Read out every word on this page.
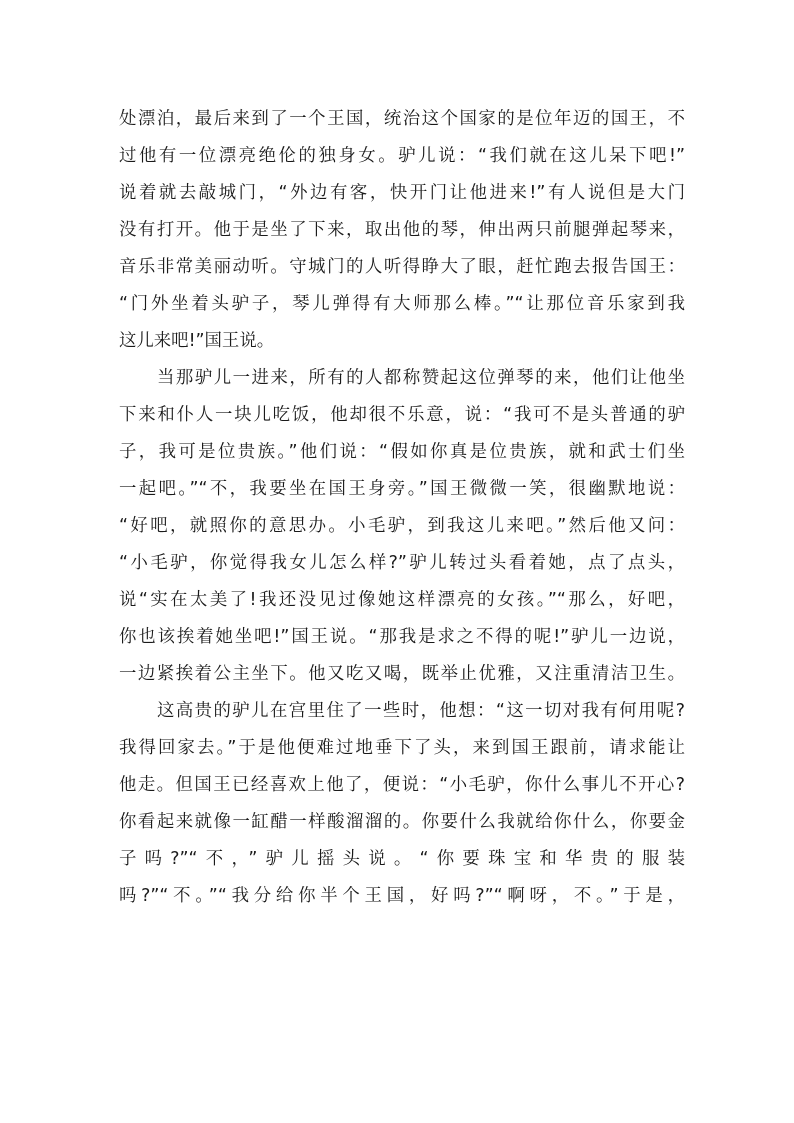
处漂泊，最后来到了一个王国，统治这个国家的是位年迈的国王，不
过他有一位漂亮绝伦的独身女。驴儿说：“我们就在这儿呆下吧!”
说着就去敲城门，“外边有客，快开门让他进来!”有人说但是大门
没有打开。他于是坐了下来，取出他的琴，伸出两只前腿弹起琴来，
音乐非常美丽动听。守城门的人听得睁大了眼，赶忙跑去报告国王：
“门外坐着头驴子，琴儿弹得有大师那么棒。”“让那位音乐家到我
这儿来吧!”国王说。
当那驴儿一进来，所有的人都称赞起这位弹琴的来，他们让他坐
下来和仆人一块儿吃饭，他却很不乐意，说：“我可不是头普通的驴
子，我可是位贵族。”他们说：“假如你真是位贵族，就和武士们坐
一起吧。”“不，我要坐在国王身旁。”国王微微一笑，很幽默地说：
“好吧，就照你的意思办。小毛驴，到我这儿来吧。”然后他又问：
“小毛驴，你觉得我女儿怎么样?”驴儿转过头看着她，点了点头，
说“实在太美了!我还没见过像她这样漂亮的女孩。”“那么，好吧，
你也该挨着她坐吧!”国王说。“那我是求之不得的呢!”驴儿一边说，
一边紧挨着公主坐下。他又吃又喝，既举止优雅，又注重清洁卫生。
这高贵的驴儿在宫里住了一些时，他想：“这一切对我有何用呢?
我得回家去。”于是他便难过地垂下了头，来到国王跟前，请求能让
他走。但国王已经喜欢上他了，便说：“小毛驴，你什么事儿不开心?
你看起来就像一缸醋一样酸溜溜的。你要什么我就给你什么，你要金
子吗?”“不，”驴儿摇头说。“你要珠宝和华贵的服装
吗?”“不。”“我分给你半个王国，好吗?”“啊呀，不。”于是，
